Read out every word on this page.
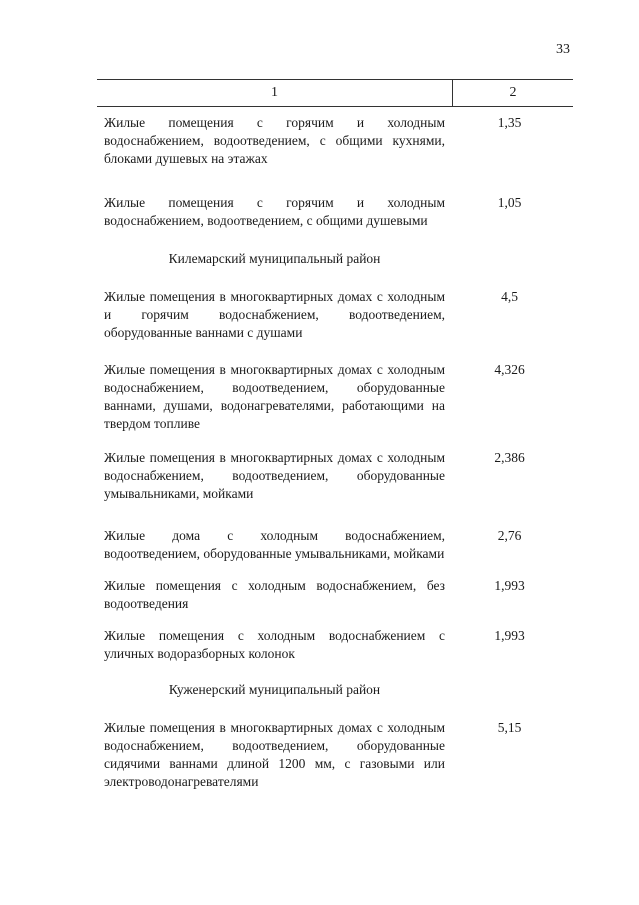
33
1	2
Жилые помещения с горячим и холодным водоснабжением, водоотведением, с общими кухнями, блоками душевых на этажах
1,35
Жилые помещения с горячим и холодным водоснабжением, водоотведением, с общими душевыми
1,05
Килемарский муниципальный район
Жилые помещения в многоквартирных домах с холодным и горячим водоснабжением, водоотведением, оборудованные ваннами с душами
4,5
Жилые помещения в многоквартирных домах с холодным водоснабжением, водоотведением, оборудованные ваннами, душами, водонагревателями, работающими на твердом топливе
4,326
Жилые помещения в многоквартирных домах с холодным водоснабжением, водоотведением, оборудованные умывальниками, мойками
2,386
Жилые дома с холодным водоснабжением, водоотведением, оборудованные умывальниками, мойками
2,76
Жилые помещения с холодным водоснабжением, без водоотведения
1,993
Жилые помещения с холодным водоснабжением с уличных водоразборных колонок
1,993
Куженерский муниципальный район
Жилые помещения в многоквартирных домах с холодным водоснабжением, водоотведением, оборудованные сидячими ваннами длиной 1200 мм, с газовыми или электроводонагревателями
5,15
